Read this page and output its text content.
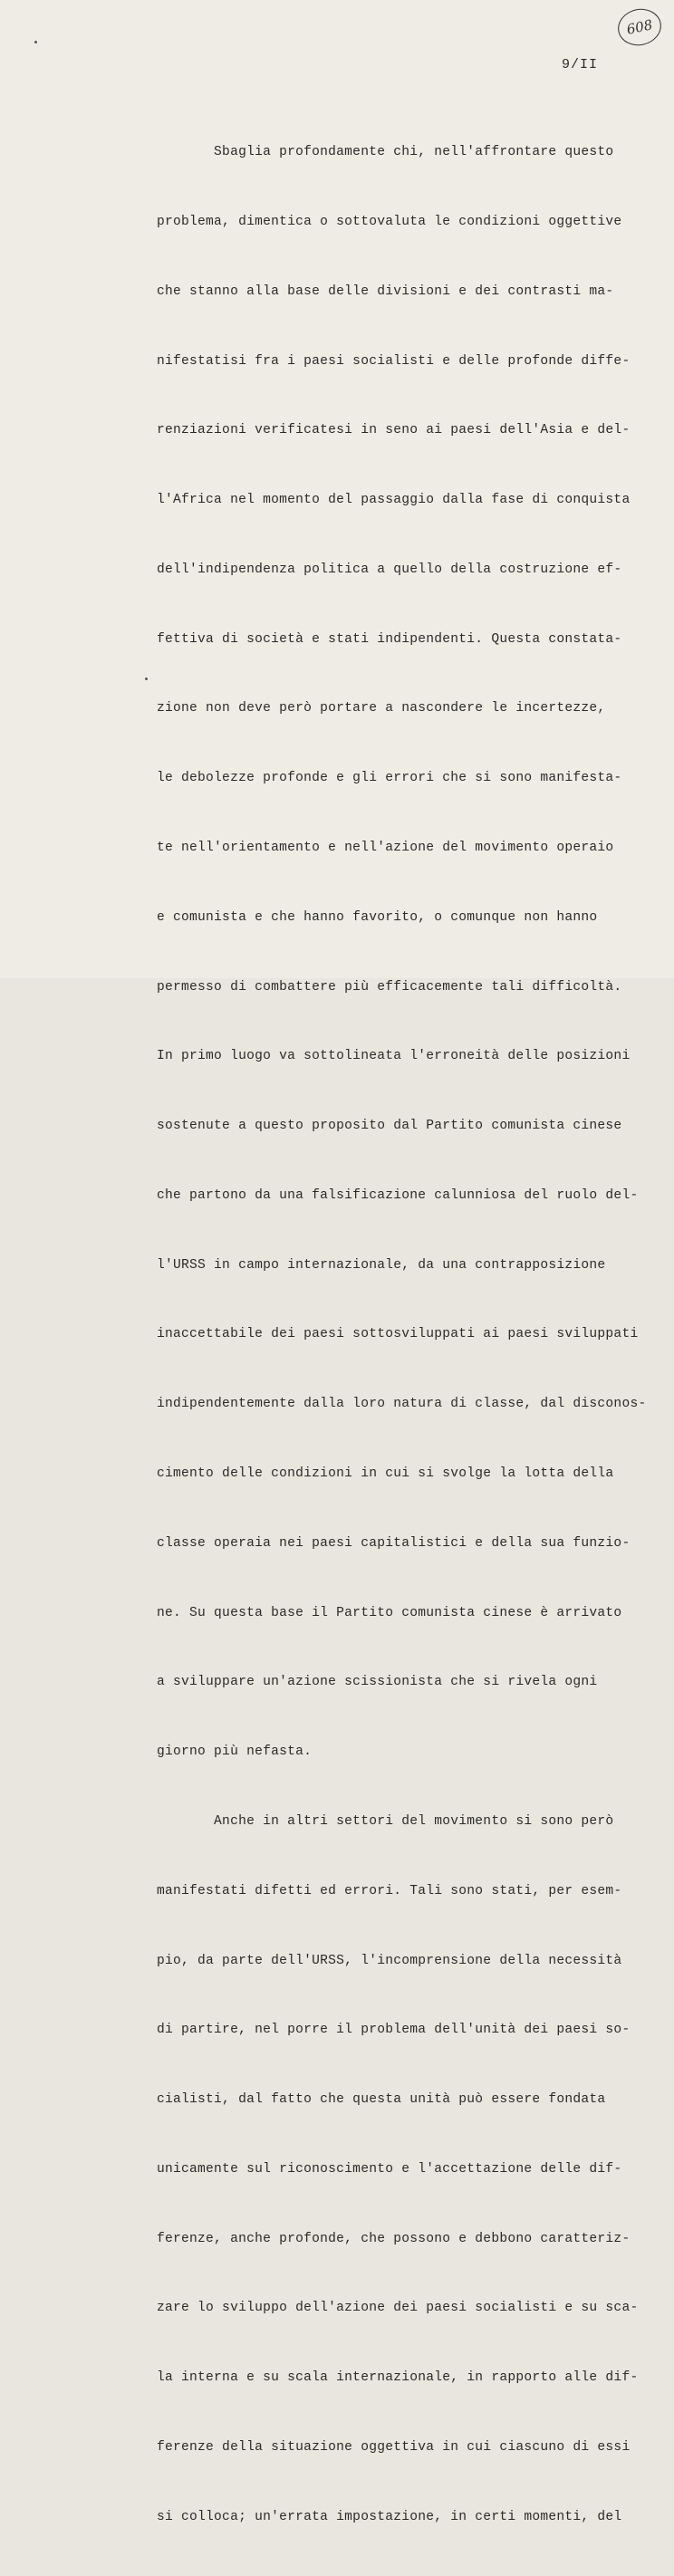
608
9/II

Sbaglia profondamente chi, nell'affrontare questo

problema, dimentica o sottovaluta le condizioni oggettive

che stanno alla base delle divisioni e dei contrasti ma-

nifestatisi fra i paesi socialisti e delle profonde diffe-

renziazioni verificatesi in seno ai paesi dell'Asia e del-

l'Africa nel momento del passaggio dalla fase di conquista

dell'indipendenza politica a quello della costruzione ef-

fettiva di società e stati indipendenti. Questa constata-

zione non deve però portare a nascondere le incertezze,

le debolezze profonde e gli errori che si sono manifesta-

te nell'orientamento e nell'azione del movimento operaio

e comunista e che hanno favorito, o comunque non hanno

permesso di combattere più efficacemente tali difficoltà.

In primo luogo va sottolineata l'erroneità delle posizioni

sostenute a questo proposito dal Partito comunista cinese

che partono da una falsificazione calunniosa del ruolo del-

l'URSS in campo internazionale, da una contrapposizione

inaccettabile dei paesi sottosviluppati ai paesi sviluppati

indipendentemente dalla loro natura di classe, dal disconos-

cimento delle condizioni in cui si svolge la lotta della

classe operaia nei paesi capitalistici e della sua funzio-

ne. Su questa base il Partito comunista cinese è arrivato

a sviluppare un'azione scissionista che si rivela ogni

giorno più nefasta.

Anche in altri settori del movimento si sono però

manifestati difetti ed errori. Tali sono stati, per esem-

pio, da parte dell'URSS, l'incomprensione della necessità

di partire, nel porre il problema dell'unità dei paesi so-

cialisti, dal fatto che questa unità può essere fondata

unicamente sul riconoscimento e l'accettazione delle dif-

ferenze, anche profonde, che possono e debbono caratteriz-

zare lo sviluppo dell'azione dei paesi socialisti e su sca-

la interna e su scala internazionale, in rapporto alle dif-

ferenze della situazione oggettiva in cui ciascuno di essi

si colloca; un'errata impostazione, in certi momenti, del
